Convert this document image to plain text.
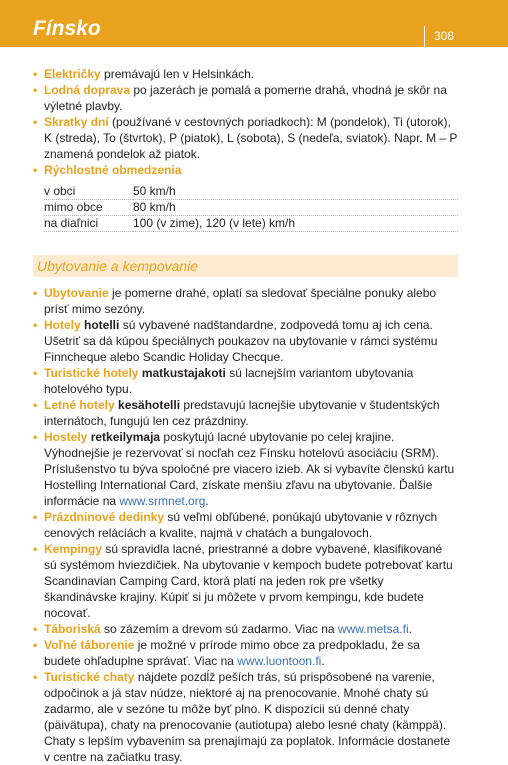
Fínsko	308
• Električky premávajú len v Helsinkách.
• Lodná doprava po jazerách je pomalá a pomerne drahá, vhodná je skôr na výletné plavby.
• Skratky dní (používané v cestovných poriadkoch): M (pondelok), Ti (utorok), K (streda), To (štvrtok), P (piatok), L (sobota), S (nedeľa, sviatok). Napr. M – P znamená pondelok až piatok.
• Rýchlostné obmedzenia
v obci	50 km/h
mimo obce	80 km/h
na diaľnici	100 (v zime), 120 (v lete) km/h
Ubytovanie a kempovanie
• Ubytovanie je pomerne drahé, oplatí sa sledovať špeciálne ponuky alebo prísť mimo sezóny.
• Hotely hotelli sú vybavené nadštandardne, zodpovedá tomu aj ich cena. Ušetriť sa dá kúpou špeciálnych poukazov na ubytovanie v rámci systému Finncheque alebo Scandic Holiday Checque.
• Turistické hotely matkustajakoti sú lacnejším variantom ubytovania hotelového typu.
• Letné hotely kesähotelli predstavujú lacnejšie ubytovanie v študentských internátoch, fungujú len cez prázdniny.
• Hostely retkeilymaja poskytujú lacné ubytovanie po celej krajine. Výhodnejšie je rezervovať si nocľah cez Fínsku hotelovú asociáciu (SRM). Príslušenstvo tu býva spoločné pre viacero izieb. Ak si vybavíte členskú kartu Hostelling International Card, získate menšiu zľavu na ubytovanie. Ďalšie informácie na www.srmnet.org.
• Prázdninové dedinky sú veľmi obľúbené, ponúkajú ubytovanie v rôznych cenových reláciách a kvalite, najmä v chatách a bungalovoch.
• Kempingy sú spravidla lacné, priestranné a dobre vybavené, klasifikované sú systémom hviezdičiek. Na ubytovanie v kempoch budete potrebovať kartu Scandinavian Camping Card, ktorá platí na jeden rok pre všetky škandinávske krajiny. Kúpiť si ju môžete v prvom kempingu, kde budete nocovať.
• Táboriská so zázemím a drevom sú zadarmo. Viac na www.metsa.fi.
• Voľné táborenie je možné v prírode mimo obce za predpokladu, že sa budete ohľaduplne správať. Viac na www.luontoon.fi.
• Turistické chaty nájdete pozdĺž peších trás, sú prispôsobené na varenie, odpočinok a já stav núdze, niektoré aj na prenocovanie. Mnohé chaty sú zadarmo, ale v sezóne tu môže byť plno. K dispozícii sú denné chaty (päivätupa), chaty na prenocovanie (autiotupa) alebo lesné chaty (kämppä). Chaty s lepším vybavením sa prenajímajú za poplatok. Informácie dostanete v centre na začiatku trasy.
